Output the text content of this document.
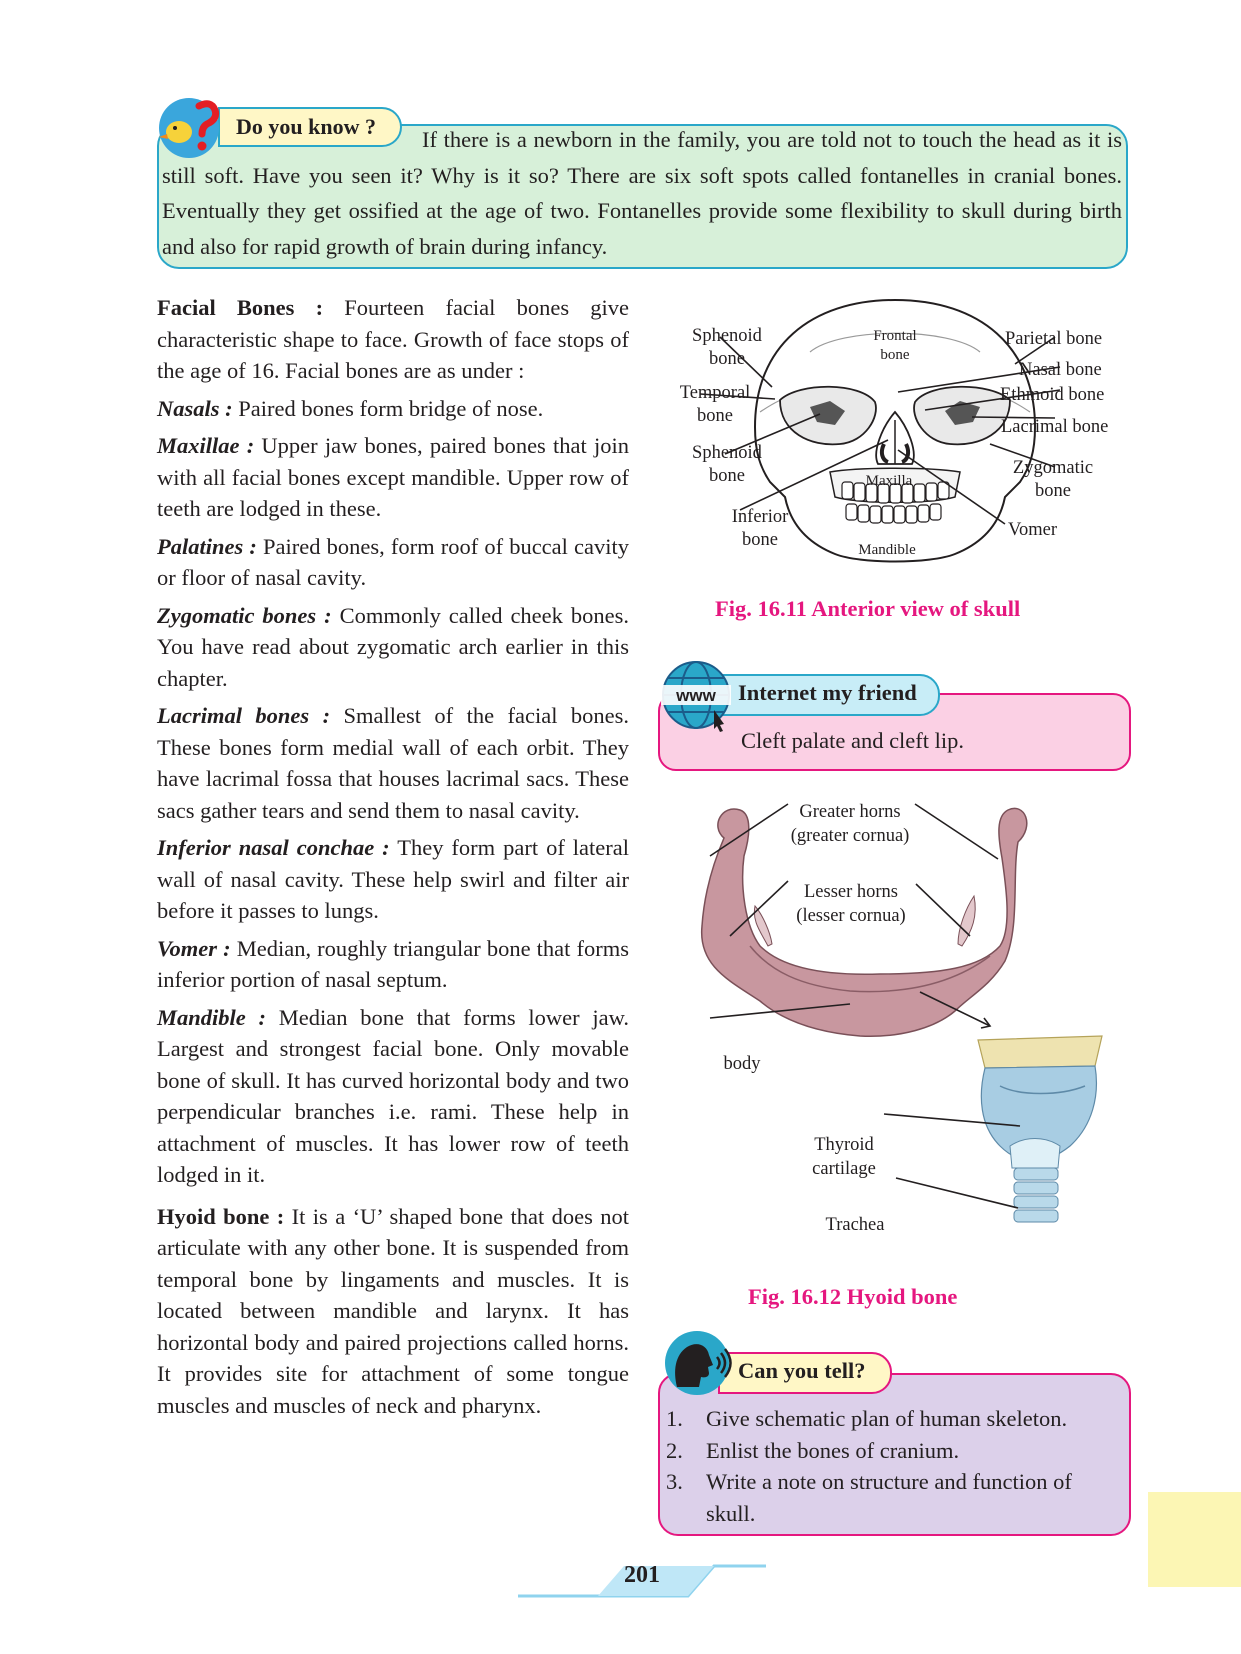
Do you know ?
If there is a newborn in the family, you are told not to touch the head as it is still soft. Have you seen it? Why is it so? There are six soft spots called fontanelles in cranial bones. Eventually they get ossified at the age of two. Fontanelles provide some flexibility to skull during birth and also for rapid growth of brain during infancy.

Facial Bones : Fourteen facial bones give characteristic shape to face. Growth of face stops of the age of 16. Facial bones are as under :

Nasals : Paired bones form bridge of nose.

Maxillae : Upper jaw bones, paired bones that join with all facial bones except mandible. Upper row of teeth are lodged in these.

Palatines : Paired bones, form roof of buccal cavity or floor of nasal cavity.

Zygomatic bones : Commonly called cheek bones. You have read about zygomatic arch earlier in this chapter.

Lacrimal bones : Smallest of the facial bones. These bones form medial wall of each orbit. They have lacrimal fossa that houses lacrimal sacs. These sacs gather tears and send them to nasal cavity.

Inferior nasal conchae : They form part of lateral wall of nasal cavity. These help swirl and filter air before it passes to lungs.

Vomer : Median, roughly triangular bone that forms inferior portion of nasal septum.

Mandible : Median bone that forms lower jaw. Largest and strongest facial bone. Only movable bone of skull. It has curved horizontal body and two perpendicular branches i.e. rami. These help in attachment of muscles. It has lower row of teeth lodged in it.

Hyoid bone : It is a ‘U’ shaped bone that does not articulate with any other bone. It is suspended from temporal bone by lingaments and muscles. It is located between mandible and larynx. It has horizontal body and paired projections called horns. It provides site for attachment of some tongue muscles and muscles of neck and pharynx.

Sphenoid
bone
Frontal
bone
Parietal bone
Nasal bone
Ethmoid bone
Temporal
bone
Lacrimal bone
Sphenoid
bone	Zygomatic
bone
Maxilla
Inferior
bone	Vomer
Mandible
Fig. 16.11 Anterior view of skull
www Internet my friend
Cleft palate and cleft lip.
Greater horns
(greater cornua)
Lesser horns
(lesser cornua)
body
Thyroid
cartilage
Trachea
Fig. 16.12 Hyoid bone
Can you tell?
1. Give schematic plan of human skeleton.
2. Enlist the bones of cranium.
3. Write a note on structure and function of skull.
201
